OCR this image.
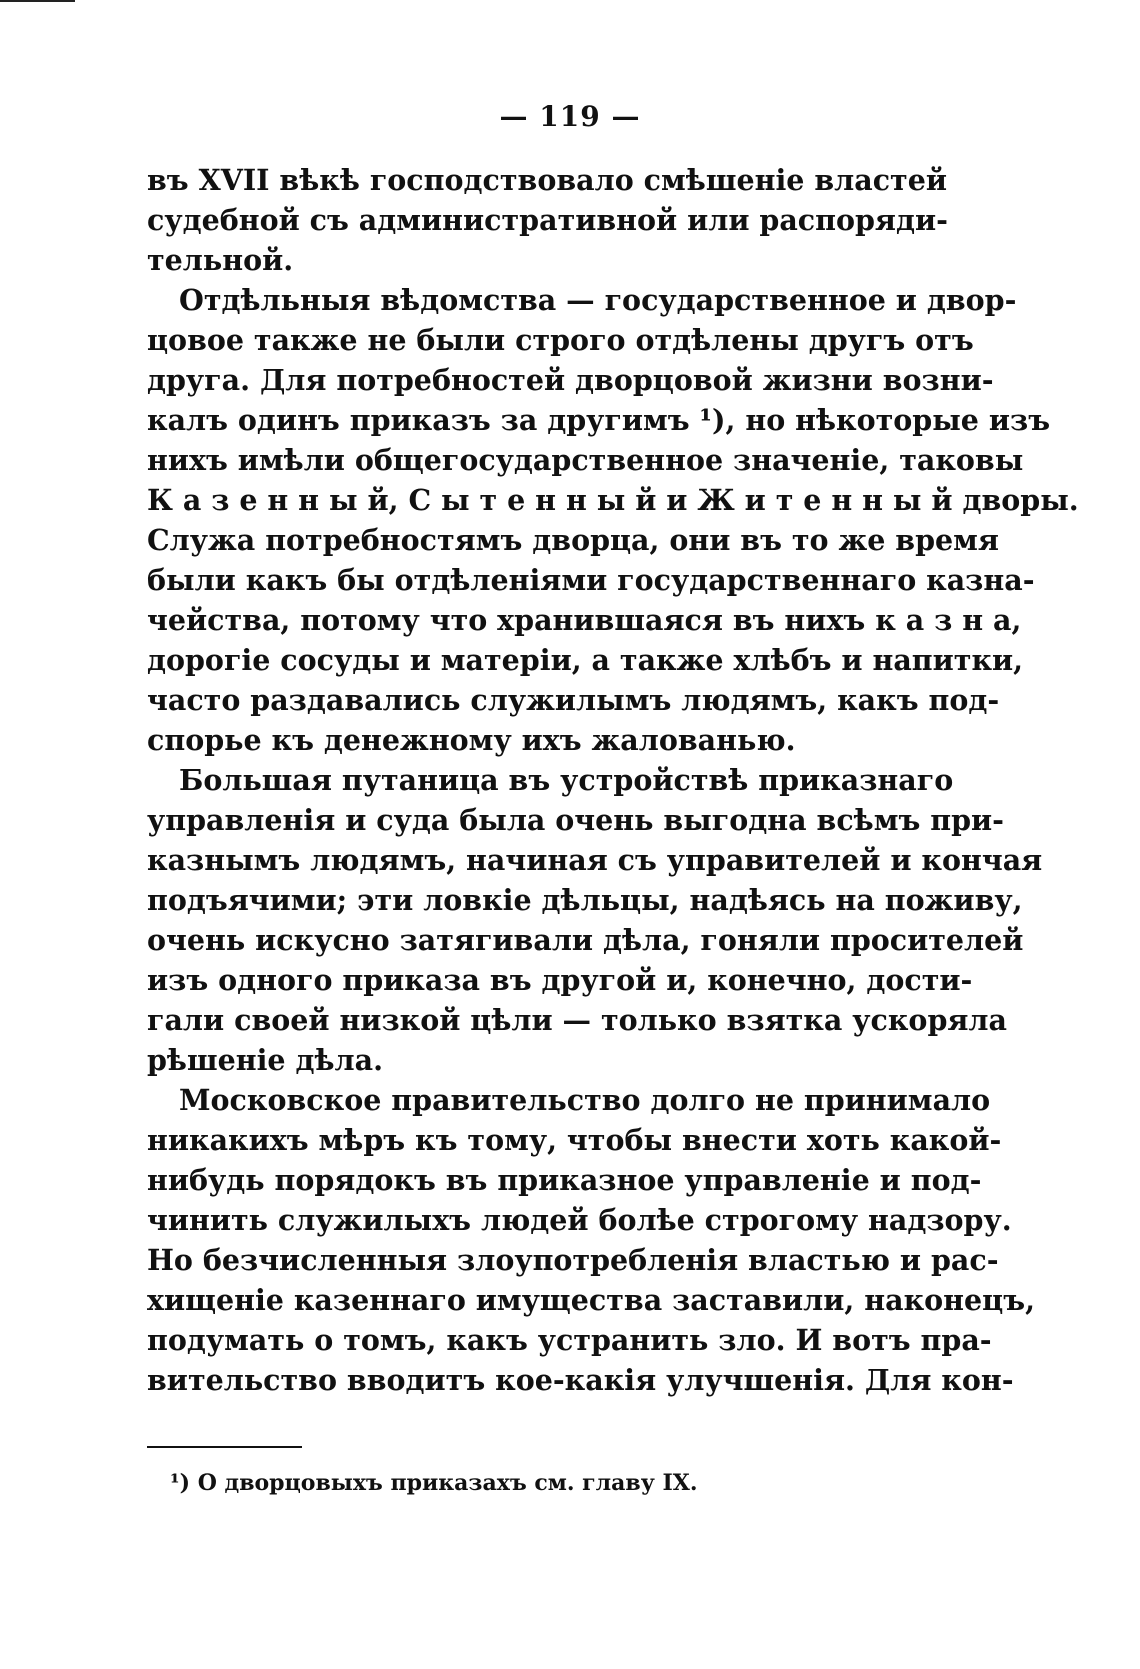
— 119 —
въ XVII вѣкѣ господствовало смѣшеніе властей
судебной съ административной или распоряди-
тельной.
Отдѣльныя вѣдомства — государственное и двор-
цовое также не были строго отдѣлены другъ отъ
друга. Для потребностей дворцовой жизни возни-
калъ одинъ приказъ за другимъ ¹), но нѣкоторые изъ
нихъ имѣли общегосударственное значеніе, таковы
К а з е н н ы й, С ы т е н н ы й и Ж и т е н н ы й дворы.
Служа потребностямъ дворца, они въ то же время
были какъ бы отдѣленіями государственнаго казна-
чейства, потому что хранившаяся въ нихъ к а з н а,
дорогіе сосуды и матеріи, а также хлѣбъ и напитки,
часто раздавались служилымъ людямъ, какъ под-
спорье къ денежному ихъ жалованью.
Большая путаница въ устройствѣ приказнаго
управленія и суда была очень выгодна всѣмъ при-
казнымъ людямъ, начиная съ управителей и кончая
подъячими; эти ловкіе дѣльцы, надѣясь на поживу,
очень искусно затягивали дѣла, гоняли просителей
изъ одного приказа въ другой и, конечно, дости-
гали своей низкой цѣли — только взятка ускоряла
рѣшеніе дѣла.
Московское правительство долго не принимало
никакихъ мѣръ къ тому, чтобы внести хоть какой-
нибудь порядокъ въ приказное управленіе и под-
чинить служилыхъ людей болѣе строгому надзору.
Но безчисленныя злоупотребленія властью и рас-
хищеніе казеннаго имущества заставили, наконецъ,
подумать о томъ, какъ устранить зло. И вотъ пра-
вительство вводитъ кое-какія улучшенія. Для кон-
¹) О дворцовыхъ приказахъ см. главу IX.
